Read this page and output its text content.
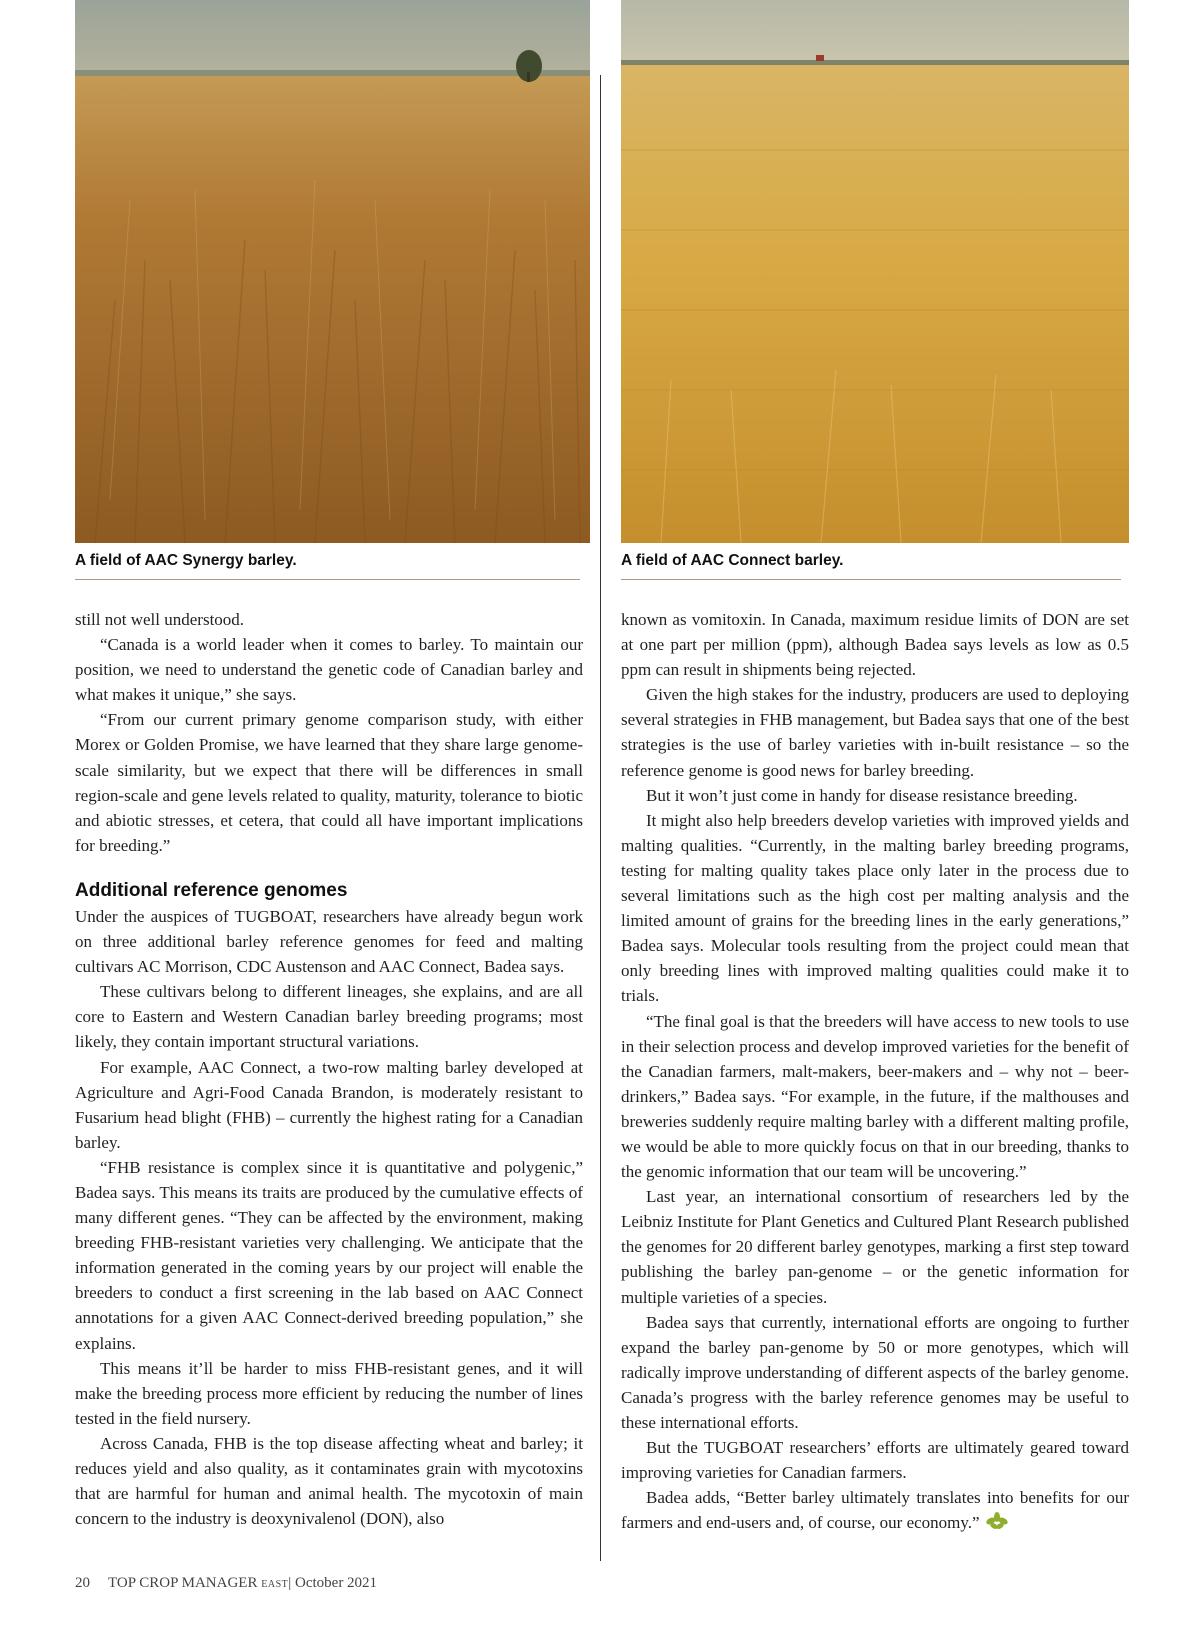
A field of AAC Synergy barley.	A field of AAC Connect barley.

still not well understood.

“Canada is a world leader when it comes to barley. To maintain our position, we need to understand the genetic code of Canadian barley and what makes it unique,” she says.

“From our current primary genome comparison study, with either Morex or Golden Promise, we have learned that they share large genome-scale similarity, but we expect that there will be differences in small region-scale and gene levels related to quality, maturity, tolerance to biotic and abiotic stresses, et cetera, that could all have important implications for breeding.”

Additional reference genomes

Under the auspices of TUGBOAT, researchers have already begun work on three additional barley reference genomes for feed and malting cultivars AC Morrison, CDC Austenson and AAC Connect, Badea says.

These cultivars belong to different lineages, she explains, and are all core to Eastern and Western Canadian barley breeding programs; most likely, they contain important structural variations.

For example, AAC Connect, a two-row malting barley developed at Agriculture and Agri-Food Canada Brandon, is moderately resistant to Fusarium head blight (FHB) – currently the highest rating for a Canadian barley.

“FHB resistance is complex since it is quantitative and polygenic,” Badea says. This means its traits are produced by the cumulative effects of many different genes. “They can be affected by the environment, making breeding FHB-resistant varieties very challenging. We anticipate that the information generated in the coming years by our project will enable the breeders to conduct a first screening in the lab based on AAC Connect annotations for a given AAC Connect-derived breeding population,” she explains.

This means it’ll be harder to miss FHB-resistant genes, and it will make the breeding process more efficient by reducing the number of lines tested in the field nursery.

Across Canada, FHB is the top disease affecting wheat and barley; it reduces yield and also quality, as it contaminates grain with mycotoxins that are harmful for human and animal health. The mycotoxin of main concern to the industry is deoxynivalenol (DON), also

known as vomitoxin. In Canada, maximum residue limits of DON are set at one part per million (ppm), although Badea says levels as low as 0.5 ppm can result in shipments being rejected.

Given the high stakes for the industry, producers are used to deploying several strategies in FHB management, but Badea says that one of the best strategies is the use of barley varieties with in-built resistance – so the reference genome is good news for barley breeding.

But it won’t just come in handy for disease resistance breeding.

It might also help breeders develop varieties with improved yields and malting qualities. “Currently, in the malting barley breeding programs, testing for malting quality takes place only later in the process due to several limitations such as the high cost per malting analysis and the limited amount of grains for the breeding lines in the early generations,” Badea says. Molecular tools resulting from the project could mean that only breeding lines with improved malting qualities could make it to trials.

“The final goal is that the breeders will have access to new tools to use in their selection process and develop improved varieties for the benefit of the Canadian farmers, malt-makers, beer-makers and – why not – beer-drinkers,” Badea says. “For example, in the future, if the malthouses and breweries suddenly require malting barley with a different malting profile, we would be able to more quickly focus on that in our breeding, thanks to the genomic information that our team will be uncovering.”

Last year, an international consortium of researchers led by the Leibniz Institute for Plant Genetics and Cultured Plant Research published the genomes for 20 different barley genotypes, marking a first step toward publishing the barley pan-genome – or the genetic information for multiple varieties of a species.

Badea says that currently, international efforts are ongoing to further expand the barley pan-genome by 50 or more genotypes, which will radically improve understanding of different aspects of the barley genome. Canada’s progress with the barley reference genomes may be useful to these international efforts.

But the TUGBOAT researchers’ efforts are ultimately geared toward improving varieties for Canadian farmers.

Badea adds, “Better barley ultimately translates into benefits for our farmers and end-users and, of course, our economy.”

20 TOP CROP MANAGER EAST| October 2021
